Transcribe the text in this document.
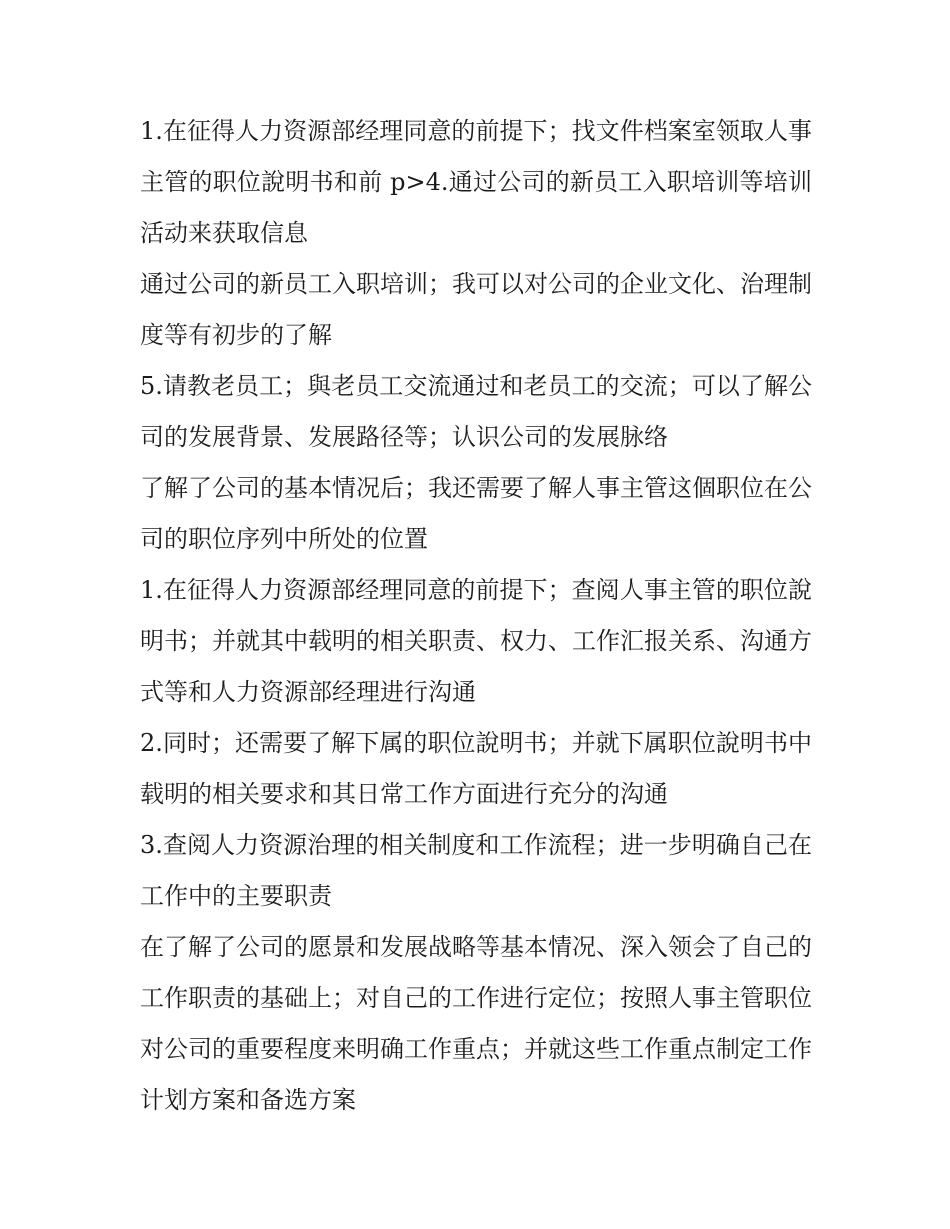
1.在征得人力资源部经理同意的前提下；找文件档案室领取人事主管的职位說明书和前 p>4.通过公司的新员工入职培训等培训活动来获取信息

通过公司的新员工入职培训；我可以对公司的企业文化、治理制度等有初步的了解

5.请教老员工；與老员工交流通过和老员工的交流；可以了解公司的发展背景、发展路径等；认识公司的发展脉络

了解了公司的基本情况后；我还需要了解人事主管这個职位在公司的职位序列中所处的位置

1.在征得人力资源部经理同意的前提下；查阅人事主管的职位說明书；并就其中载明的相关职责、权力、工作汇报关系、沟通方式等和人力资源部经理进行沟通

2.同时；还需要了解下属的职位說明书；并就下属职位說明书中载明的相关要求和其日常工作方面进行充分的沟通

3.查阅人力资源治理的相关制度和工作流程；进一步明确自己在工作中的主要职责

在了解了公司的愿景和发展战略等基本情况、深入领会了自己的工作职责的基础上；对自己的工作进行定位；按照人事主管职位对公司的重要程度来明确工作重点；并就这些工作重点制定工作计划方案和备选方案
